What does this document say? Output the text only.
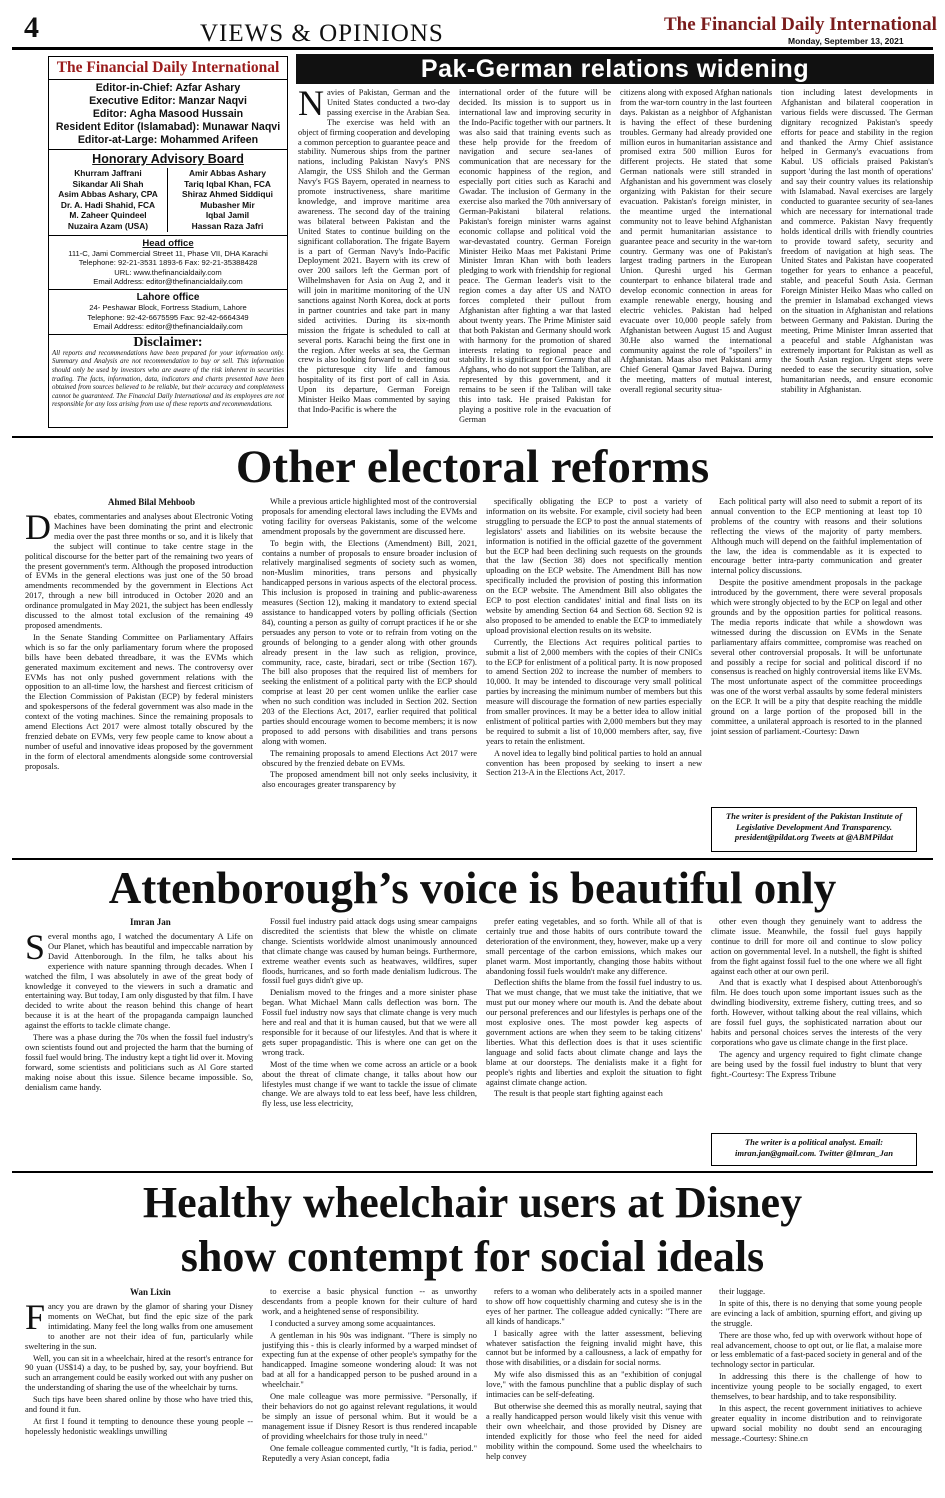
4	VIEWS & OPINIONS	The Financial Daily International
Monday, September 13, 2021
The Financial Daily International
Editor-in-Chief: Azfar Ashary
Executive Editor: Manzar Naqvi
Editor: Agha Masood Hussain
Resident Editor (Islamabad): Munawar Naqvi
Editor-at-Large: Mohammed Arifeen
Honorary Advisory Board
Khurram Jaffrani
Sikandar Ali Shah
Asim Abbas Ashary, CPA
Dr. A. Hadi Shahid, FCA
M. Zaheer Quindeel
Nuzaira Azam (USA)
Amir Abbas Ashary
Tariq Iqbal Khan, FCA
Shiraz Ahmed Siddiqui
Mubasher Mir
Iqbal Jamil
Hassan Raza Jafri
Head office
111-C, Jami Commercial Street 11, Phase VII, DHA Karachi
Telephone: 92-21-3531 1893-6 Fax: 92-21-35388428
URL: www.thefinancialdaily.com
Email Address: editor@thefinancialdaily.com
Lahore office
24- Peshawar Block, Fortress Stadium, Lahore
Telephone: 92-42-6675595 Fax: 92-42-6664349
Email Address: editor@thefinancialdaily.com
Disclaimer:
All reports and recommendations have been prepared for your information only. Summary and Analysis are not recommendation to buy or sell. This information should only be used by investors who are aware of the risk inherent in securities trading. The facts, information, data, indicators and charts presented have been obtained from sources believed to be reliable, but their accuracy and completeness cannot be guaranteed. The Financial Daily International and its employees are not responsible for any loss arising from use of these reports and recommendations.
Pak-German relations widening

Navies of Pakistan, German and the United States conducted a two-day passing exercise in the Arabian Sea. The exercise was held with an object of firming cooperation and developing a common perception to guarantee peace and stability. Numerous ships from the partner nations, including Pakistan Navy's PNS Alamgir, the USS Shiloh and the German Navy's FGS Bayern, operated in nearness to promote instructiveness, share maritime knowledge, and improve maritime area awareness. The second day of the training was bilateral between Pakistan and the United States to continue building on the significant collaboration. The frigate Bayern is a part of German Navy's Indo-Pacific Deployment 2021. Bayern with its crew of over 200 sailors left the German port of Wilhelmshaven for Asia on Aug 2, and it will join in maritime monitoring of the UN sanctions against North Korea, dock at ports in partner countries and take part in many sided activities. During its six-month mission the frigate is scheduled to call at several ports. Karachi being the first one in the region. After weeks at sea, the German crew is also looking forward to detecting out the picturesque city life and famous hospitality of its first port of call in Asia. Upon its departure, German Foreign Minister Heiko Maas commented by saying that Indo-Pacific is where the

international order of the future will be decided. Its mission is to support us in international law and improving security in the Indo-Pacific together with our partners. It was also said that training events such as these help provide for the freedom of navigation and secure sea-lanes of communication that are necessary for the economic happiness of the region, and especially port cities such as Karachi and Gwadar. The inclusion of Germany in the exercise also marked the 70th anniversary of German-Pakistani bilateral relations. Pakistan's foreign minister warns against economic collapse and political void the war-devastated country. German Foreign Minister Heiko Maas met Pakistani Prime Minister Imran Khan with both leaders pledging to work with friendship for regional peace. The German leader's visit to the region comes a day after US and NATO forces completed their pullout from Afghanistan after fighting a war that lasted about twenty years. The Prime Minister said that both Pakistan and Germany should work with harmony for the promotion of shared interests relating to regional peace and stability. It is significant for Germany that all Afghans, who do not support the Taliban, are represented by this government, and it remains to be seen if the Taliban will take this into task. He praised Pakistan for playing a positive role in the evacuation of German

citizens along with exposed Afghan nationals from the war-torn country in the last fourteen days. Pakistan as a neighbor of Afghanistan is having the effect of these burdening troubles. Germany had already provided one million euros in humanitarian assistance and promised extra 500 million Euros for different projects. He stated that some German nationals were still stranded in Afghanistan and his government was closely organizing with Pakistan for their secure evacuation. Pakistan's foreign minister, in the meantime urged the international community not to leave behind Afghanistan and permit humanitarian assistance to guarantee peace and security in the war-torn country. Germany was one of Pakistan's largest trading partners in the European Union. Qureshi urged his German counterpart to enhance bilateral trade and develop economic connection in areas for example renewable energy, housing and electric vehicles. Pakistan had helped evacuate over 10,000 people safely from Afghanistan between August 15 and August 30.He also warned the international community against the role of "spoilers" in Afghanistan. Maas also met Pakistani army Chief General Qamar Javed Bajwa. During the meeting, matters of mutual interest, overall regional security situa-

tion including latest developments in Afghanistan and bilateral cooperation in various fields were discussed. The German dignitary recognized Pakistan's speedy efforts for peace and stability in the region and thanked the Army Chief assistance helped in Germany's evacuations from Kabul. US officials praised Pakistan's support 'during the last month of operations' and say their country values its relationship with Islamabad. Naval exercises are largely conducted to guarantee security of sea-lanes which are necessary for international trade and commerce. Pakistan Navy frequently holds identical drills with friendly countries to provide toward safety, security and freedom of navigation at high seas. The United States and Pakistan have cooperated together for years to enhance a peaceful, stable, and peaceful South Asia. German Foreign Minister Heiko Maas who called on the premier in Islamabad exchanged views on the situation in Afghanistan and relations between Germany and Pakistan. During the meeting, Prime Minister Imran asserted that a peaceful and stable Afghanistan was extremely important for Pakistan as well as the South Asian region. Urgent steps were needed to ease the security situation, solve humanitarian needs, and ensure economic stability in Afghanistan.

Other electoral reforms
Ahmed Bilal Mehboob

Debates, commentaries and analyses about Electronic Voting Machines have been dominating the print and electronic media over the past three months or so, and it is likely that the subject will continue to take centre stage in the political discourse for the better part of the remaining two years of the present government's term. Although the proposed introduction of EVMs in the general elections was just one of the 50 broad amendments recommended by the government in Elections Act 2017, through a new bill introduced in October 2020 and an ordinance promulgated in May 2021, the subject has been endlessly discussed to the almost total exclusion of the remaining 49 proposed amendments.

In the Senate Standing Committee on Parliamentary Affairs which is so far the only parliamentary forum where the proposed bills have been debated threadbare, it was the EVMs which generated maximum excitement and news. The controversy over EVMs has not only pushed government relations with the opposition to an all-time low, the harshest and fiercest criticism of the Election Commission of Pakistan (ECP) by federal ministers and spokespersons of the federal government was also made in the context of the voting machines. Since the remaining proposals to amend Elections Act 2017 were almost totally obscured by the frenzied debate on EVMs, very few people came to know about a number of useful and innovative ideas proposed by the government in the form of electoral amendments alongside some controversial proposals.

While a previous article highlighted most of the controversial proposals for amending electoral laws including the EVMs and voting facility for overseas Pakistanis, some of the welcome amendment proposals by the government are discussed here.

To begin with, the Elections (Amendment) Bill, 2021, contains a number of proposals to ensure broader inclusion of relatively marginalised segments of society such as women, non-Muslim minorities, trans persons and physically handicapped persons in various aspects of the electoral process. This inclusion is proposed in training and public-awareness measures (Section 12), making it mandatory to extend special assistance to handicapped voters by polling officials (Section 84), counting a person as guilty of corrupt practices if he or she persuades any person to vote or to refrain from voting on the grounds of belonging to a gender along with other grounds already present in the law such as religion, province, community, race, caste, biradari, sect or tribe (Section 167). The bill also proposes that the required list of members for seeking the enlistment of a political party with the ECP should comprise at least 20 per cent women unlike the earlier case when no such condition was included in Section 202. Section 203 of the Elections Act, 2017, earlier required that political parties should encourage women to become members; it is now proposed to add persons with disabilities and trans persons along with women.

The remaining proposals to amend Elections Act 2017 were obscured by the frenzied debate on EVMs.

The proposed amendment bill not only seeks inclusivity, it also encourages greater transparency by

specifically obligating the ECP to post a variety of information on its website. For example, civil society had been struggling to persuade the ECP to post the annual statements of legislators' assets and liabilities on its website because the information is notified in the official gazette of the government but the ECP had been declining such requests on the grounds that the law (Section 38) does not specifically mention uploading on the ECP website. The Amendment Bill has now specifically included the provision of posting this information on the ECP website. The Amendment Bill also obligates the ECP to post election candidates' initial and final lists on its website by amending Section 64 and Section 68. Section 92 is also proposed to be amended to enable the ECP to immediately upload provisional election results on its website.

Currently, the Elections Act requires political parties to submit a list of 2,000 members with the copies of their CNICs to the ECP for enlistment of a political party. It is now proposed to amend Section 202 to increase the number of members to 10,000. It may be intended to discourage very small political parties by increasing the minimum number of members but this measure will discourage the formation of new parties especially from smaller provinces. It may be a better idea to allow initial enlistment of political parties with 2,000 members but they may be required to submit a list of 10,000 members after, say, five years to retain the enlistment.

A novel idea to legally bind political parties to hold an annual convention has been proposed by seeking to insert a new Section 213-A in the Elections Act, 2017.

Each political party will also need to submit a report of its annual convention to the ECP mentioning at least top 10 problems of the country with reasons and their solutions reflecting the views of the majority of party members. Although much will depend on the faithful implementation of the law, the idea is commendable as it is expected to encourage better intra-party communication and greater internal policy discussions.

Despite the positive amendment proposals in the package introduced by the government, there were several proposals which were strongly objected to by the ECP on legal and other grounds and by the opposition parties for political reasons. The media reports indicate that while a showdown was witnessed during the discussion on EVMs in the Senate parliamentary affairs committee, compromise was reached on several other controversial proposals. It will be unfortunate and possibly a recipe for social and political discord if no consensus is reached on highly controversial items like EVMs. The most unfortunate aspect of the committee proceedings was one of the worst verbal assaults by some federal ministers on the ECP. It will be a pity that despite reaching the middle ground on a large portion of the proposed bill in the committee, a unilateral approach is resorted to in the planned joint session of parliament.-Courtesy: Dawn

The writer is president of the Pakistan Institute of Legislative Development And Transparency. president@pildat.org Tweets at @ABMPildat
Attenborough’s voice is beautiful only
Imran Jan

Several months ago, I watched the documentary A Life on Our Planet, which has beautiful and impeccable narration by David Attenborough. In the film, he talks about his experience with nature spanning through decades. When I watched the film, I was absolutely in awe of the great body of knowledge it conveyed to the viewers in such a dramatic and entertaining way. But today, I am only disgusted by that film. I have decided to write about the reason behind this change of heart because it is at the heart of the propaganda campaign launched against the efforts to tackle climate change.

There was a phase during the 70s when the fossil fuel industry's own scientists found out and projected the harm that the burning of fossil fuel would bring. The industry kept a tight lid over it. Moving forward, some scientists and politicians such as Al Gore started making noise about this issue. Silence became impossible. So, denialism came handy.

Fossil fuel industry paid attack dogs using smear campaigns discredited the scientists that blew the whistle on climate change. Scientists worldwide almost unanimously announced that climate change was caused by human beings. Furthermore, extreme weather events such as heatwaves, wildfires, super floods, hurricanes, and so forth made denialism ludicrous. The fossil fuel guys didn't give up.

Denialism moved to the fringes and a more sinister phase began. What Michael Mann calls deflection was born. The Fossil fuel industry now says that climate change is very much here and real and that it is human caused, but that we were all responsible for it because of our lifestyles. And that is where it gets super propagandistic. This is where one can get on the wrong track.

Most of the time when we come across an article or a book about the threat of climate change, it talks about how our lifestyles must change if we want to tackle the issue of climate change. We are always told to eat less beef, have less children, fly less, use less electricity,

prefer eating vegetables, and so forth. While all of that is certainly true and those habits of ours contribute toward the deterioration of the environment, they, however, make up a very small percentage of the carbon emissions, which makes our planet warm. Most importantly, changing those habits without abandoning fossil fuels wouldn't make any difference.

Deflection shifts the blame from the fossil fuel industry to us. That we must change, that we must take the initiative, that we must put our money where our mouth is. And the debate about our personal preferences and our lifestyles is perhaps one of the most explosive ones. The most powder keg aspects of government actions are when they seem to be taking citizens' liberties. What this deflection does is that it uses scientific language and solid facts about climate change and lays the blame at our doorsteps. The denialists make it a fight for people's rights and liberties and exploit the situation to fight against climate change action.

The result is that people start fighting against each

other even though they genuinely want to address the climate issue. Meanwhile, the fossil fuel guys happily continue to drill for more oil and continue to slow policy action on governmental level. In a nutshell, the fight is shifted from the fight against fossil fuel to the one where we all fight against each other at our own peril.

And that is exactly what I despised about Attenborough's film. He does touch upon some important issues such as the dwindling biodiversity, extreme fishery, cutting trees, and so forth. However, without talking about the real villains, which are fossil fuel guys, the sophisticated narration about our habits and personal choices serves the interests of the very corporations who gave us climate change in the first place.

The agency and urgency required to fight climate change are being used by the fossil fuel industry to blunt that very fight.-Courtesy: The Express Tribune

The writer is a political analyst. Email: imran.jan@gmail.com. Twitter @Imran_Jan
Healthy wheelchair users at Disney
show contempt for social ideals
Wan Lixin

Fancy you are drawn by the glamor of sharing your Disney moments on WeChat, but find the epic size of the park intimidating. Many feel the long walks from one amusement to another are not their idea of fun, particularly while sweltering in the sun.

Well, you can sit in a wheelchair, hired at the resort's entrance for 90 yuan (US$14) a day, to be pushed by, say, your boyfriend. But such an arrangement could be easily worked out with any pusher on the understanding of sharing the use of the wheelchair by turns.

Such tips have been shared online by those who have tried this, and found it fun.

At first I found it tempting to denounce these young people -- hopelessly hedonistic weaklings unwilling

to exercise a basic physical function -- as unworthy descendants from a people known for their culture of hard work, and a heightened sense of responsibility.

I conducted a survey among some acquaintances.

A gentleman in his 90s was indignant. "There is simply no justifying this - this is clearly informed by a warped mindset of expecting fun at the expense of other people's sympathy for the handicapped. Imagine someone wondering aloud: It was not bad at all for a handicapped person to be pushed around in a wheelchair."

One male colleague was more permissive. "Personally, if their behaviors do not go against relevant regulations, it would be simply an issue of personal whim. But it would be a management issue if Disney Resort is thus rendered incapable of providing wheelchairs for those truly in need."

One female colleague commented curtly, "It is fadia, period." Reputedly a very Asian concept, fadia

refers to a woman who deliberately acts in a spoiled manner to show off how coquettishly charming and cutesy she is in the eyes of her partner. The colleague added cynically: "There are all kinds of handicaps."

I basically agree with the latter assessment, believing whatever satisfaction the feigning invalid might have, this cannot but be informed by a callousness, a lack of empathy for those with disabilities, or a disdain for social norms.

My wife also dismissed this as an "exhibition of conjugal love," with the famous punchline that a public display of such intimacies can be self-defeating.

But otherwise she deemed this as morally neutral, saying that a really handicapped person would likely visit this venue with their own wheelchair, and those provided by Disney are intended explicitly for those who feel the need for aided mobility within the compound. Some used the wheelchairs to help convey

their luggage.

In spite of this, there is no denying that some young people are evincing a lack of ambition, spurning effort, and giving up the struggle.

There are those who, fed up with overwork without hope of real advancement, choose to opt out, or lie flat, a malaise more or less emblematic of a fast-paced society in general and of the technology sector in particular.

In addressing this there is the challenge of how to incentivize young people to be socially engaged, to exert themselves, to bear hardship, and to take responsibility.

In this aspect, the recent government initiatives to achieve greater equality in income distribution and to reinvigorate upward social mobility no doubt send an encouraging message.-Courtesy: Shine.cn
